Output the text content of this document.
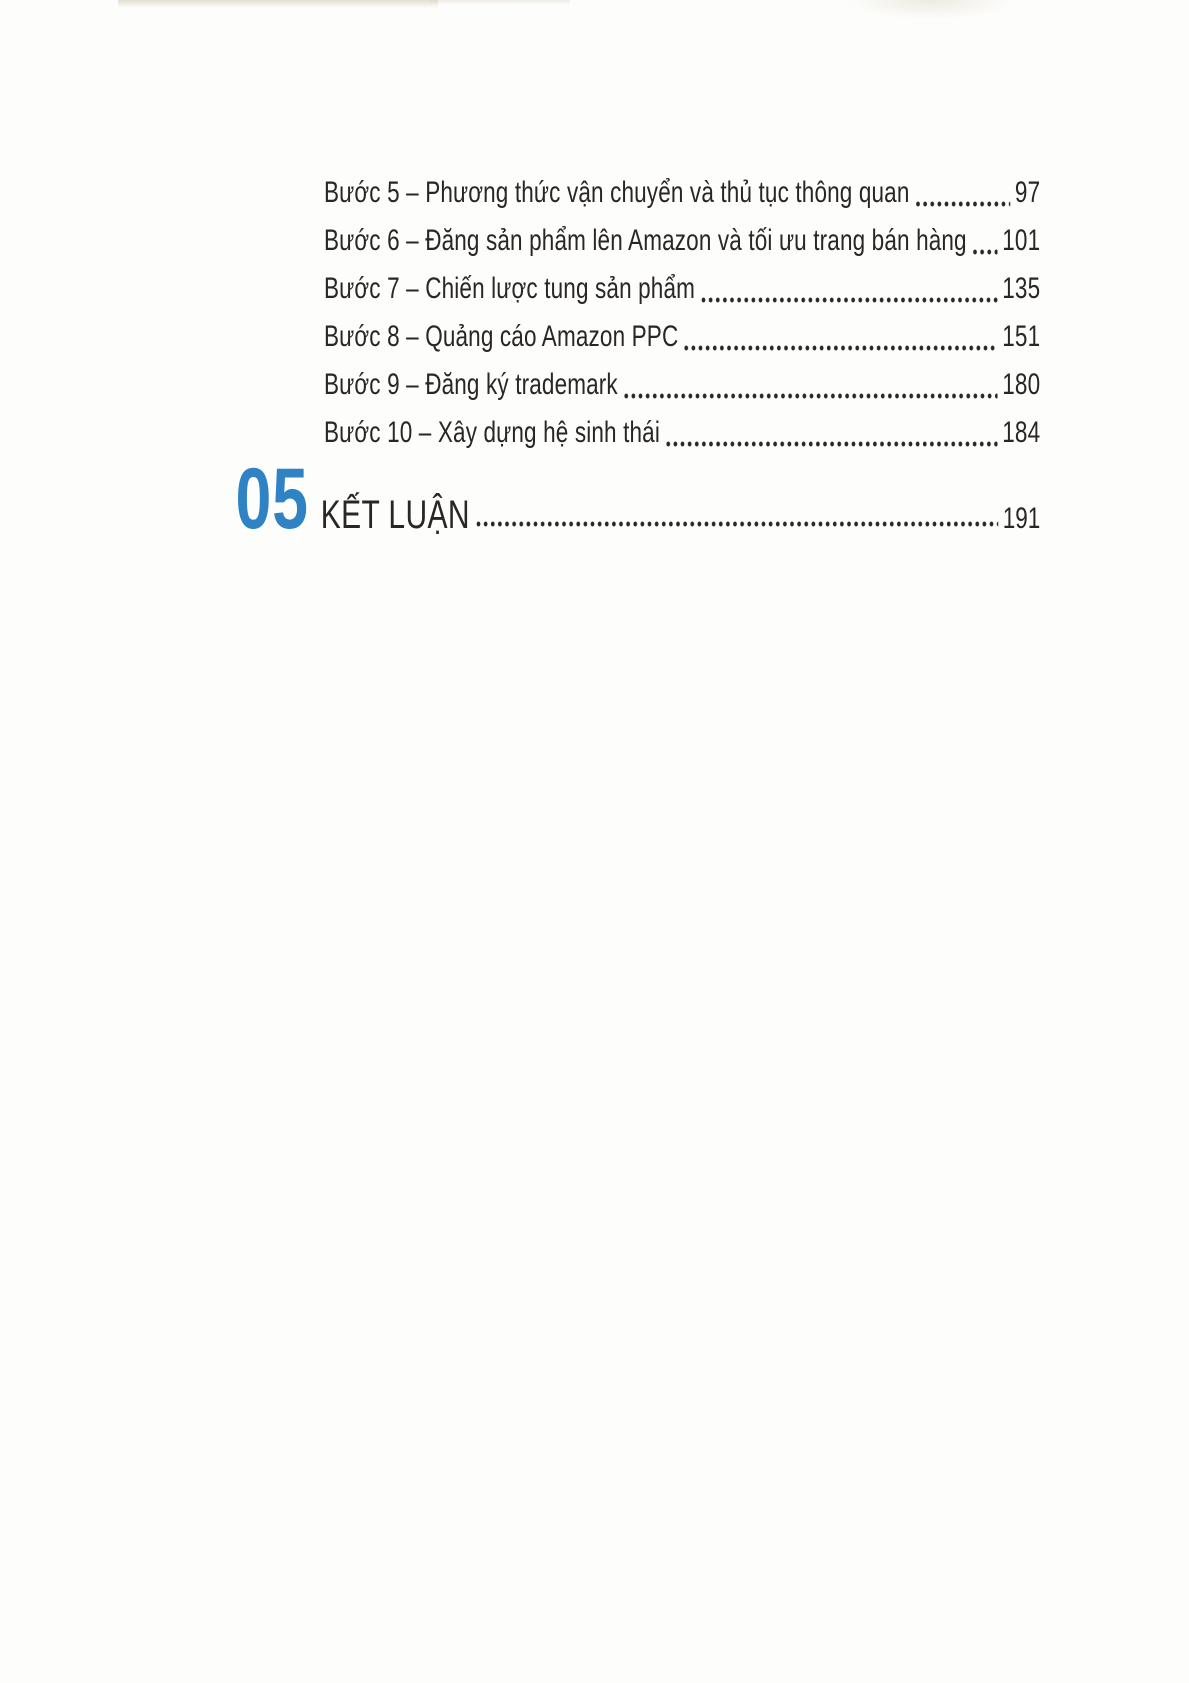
Bước 5 – Phương thức vận chuyển và thủ tục thông quan	97
Bước 6 – Đăng sản phẩm lên Amazon và tối ưu trang bán hàng 101
Bước 7 – Chiến lược tung sản phẩm	135
Bước 8 – Quảng cáo Amazon PPC	151
Bước 9 – Đăng ký trademark	180
Bước 10 – Xây dựng hệ sinh thái	184
05 KẾT LUẬN	191
